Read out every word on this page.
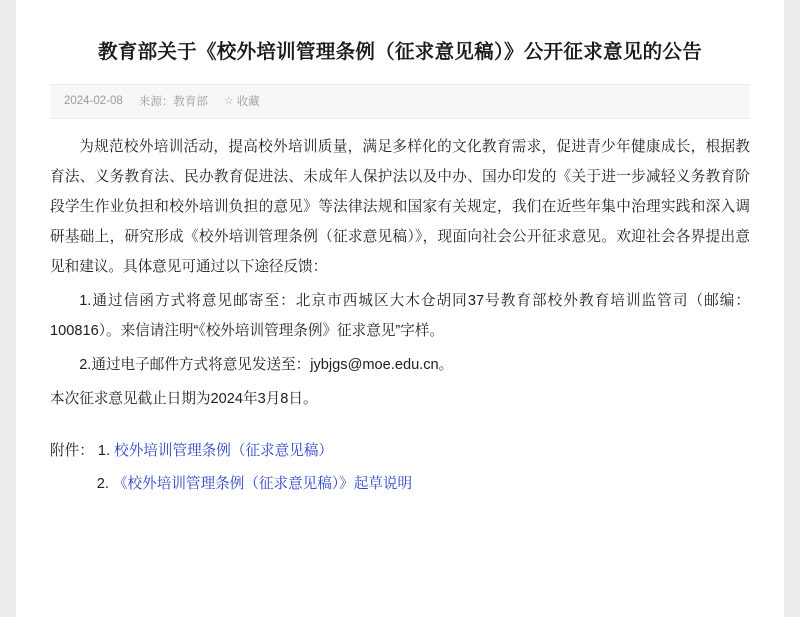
教育部关于《校外培训管理条例（征求意见稿）》公开征求意见的公告
2024-02-08 来源：教育部 ☆ 收藏

为规范校外培训活动，提高校外培训质量，满足多样化的文化教育需求，促进青少年健康成长，根据教育法、义务教育法、民办教育促进法、未成年人保护法以及中办、国办印发的《关于进一步减轻义务教育阶段学生作业负担和校外培训负担的意见》等法律法规和国家有关规定，我们在近些年集中治理实践和深入调研基础上，研究形成《校外培训管理条例（征求意见稿）》，现面向社会公开征求意见。欢迎社会各界提出意见和建议。具体意见可通过以下途径反馈：

1.通过信函方式将意见邮寄至：北京市西城区大木仓胡同37号教育部校外教育培训监管司（邮编：100816）。来信请注明“《校外培训管理条例》征求意见”字样。

2.通过电子邮件方式将意见发送至：jybjgs@moe.edu.cn。

本次征求意见截止日期为2024年3月8日。

附件： 1. 校外培训管理条例（征求意见稿）

2. 《校外培训管理条例（征求意见稿）》起草说明
